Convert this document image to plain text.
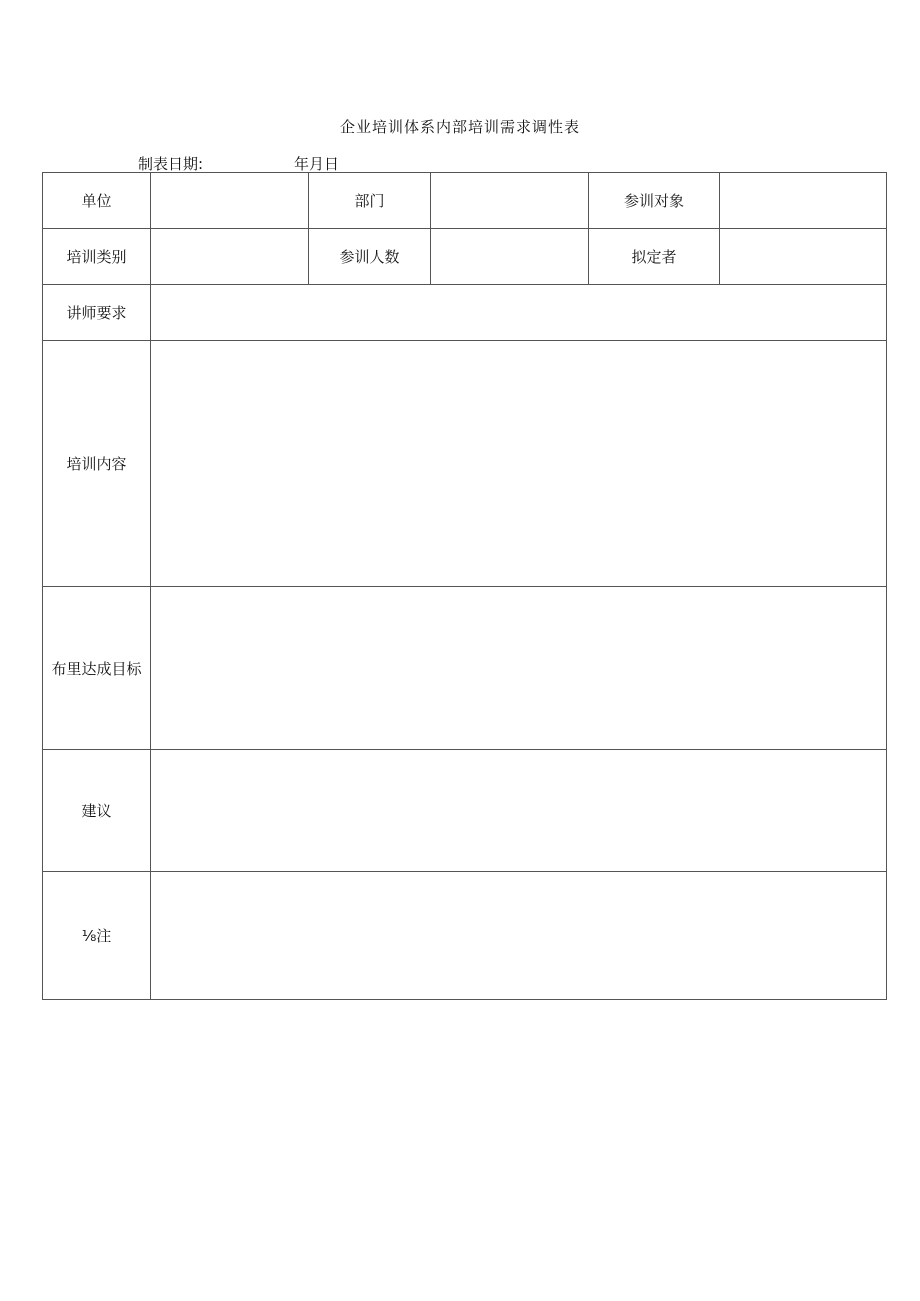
企业培训体系内部培训需求调性表
制表日期:	年月日
单位		部门		参训对象	
培训类别		参训人数		拟定者	
讲师要求					
培训内容					
布里达成目标					
建议					
⅛注					
